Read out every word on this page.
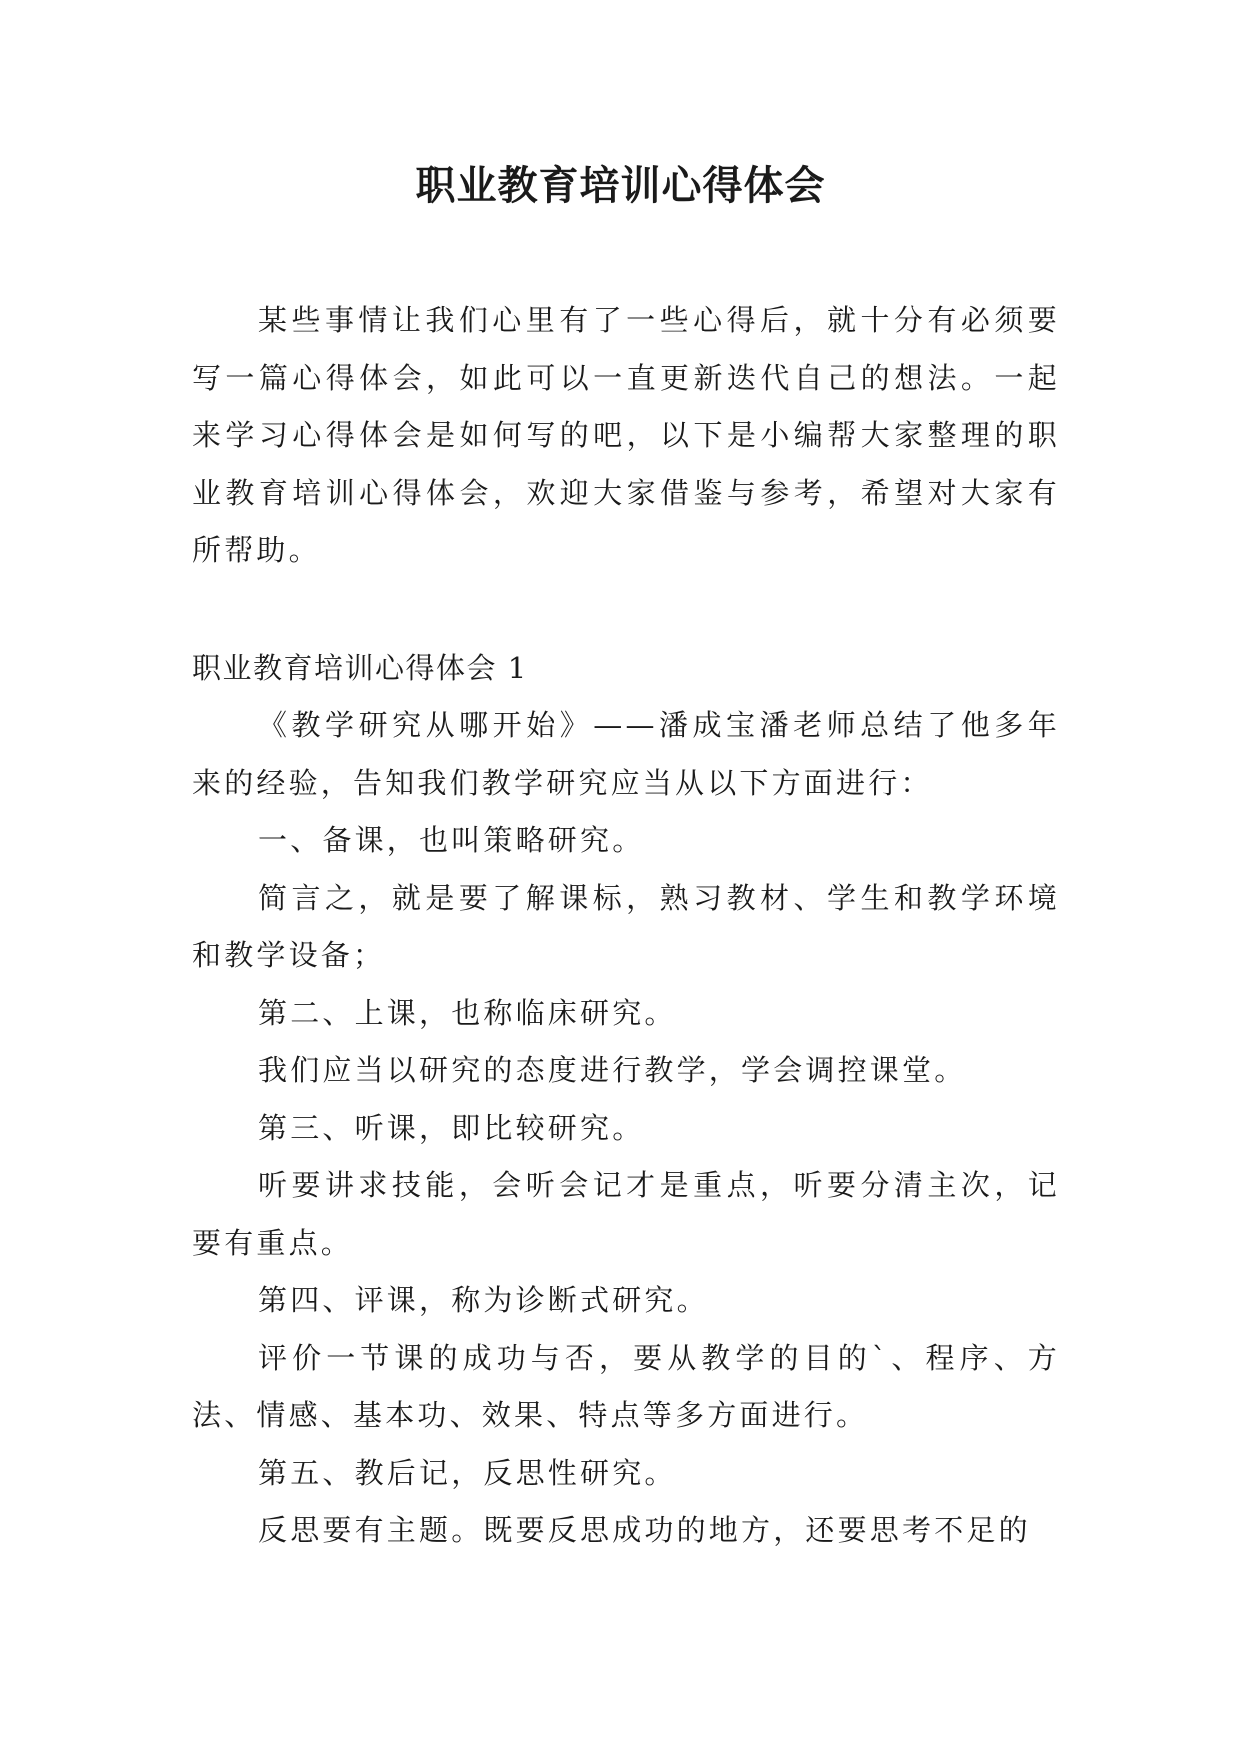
职业教育培训心得体会

某些事情让我们心里有了一些心得后，就十分有必须要写一篇心得体会，如此可以一直更新迭代自己的想法。一起来学习心得体会是如何写的吧，以下是小编帮大家整理的职业教育培训心得体会，欢迎大家借鉴与参考，希望对大家有所帮助。

职业教育培训心得体会 1

《教学研究从哪开始》——潘成宝潘老师总结了他多年来的经验，告知我们教学研究应当从以下方面进行：

一、备课，也叫策略研究。

简言之，就是要了解课标，熟习教材、学生和教学环境和教学设备；

第二、上课，也称临床研究。

我们应当以研究的态度进行教学，学会调控课堂。

第三、听课，即比较研究。

听要讲求技能，会听会记才是重点，听要分清主次，记要有重点。

第四、评课，称为诊断式研究。

评价一节课的成功与否，要从教学的目的`、程序、方法、情感、基本功、效果、特点等多方面进行。

第五、教后记，反思性研究。

反思要有主题。既要反思成功的地方，还要思考不足的
